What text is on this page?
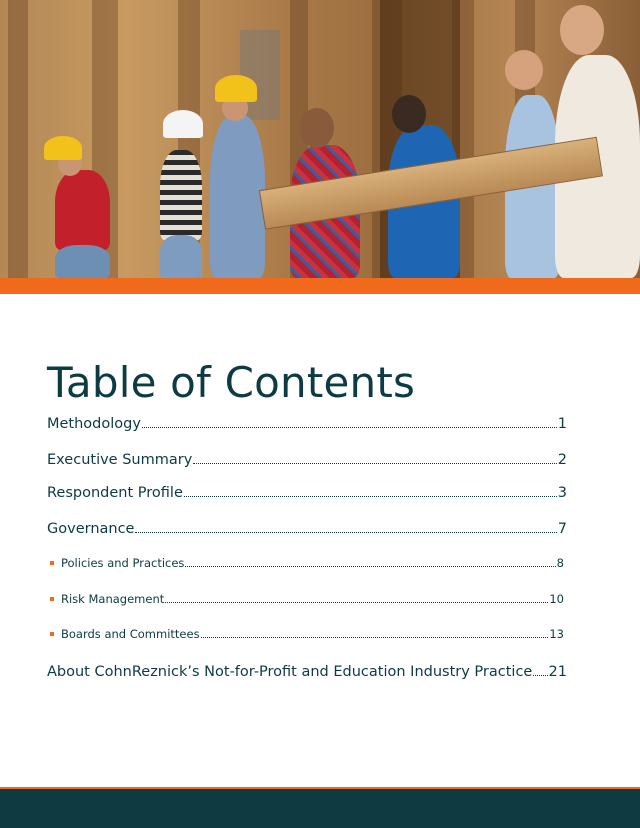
Table of Contents
Methodology	1
Executive Summary	2
Respondent Profile	3
Governance	7
Policies and Practices	8
Risk Management	10
Boards and Committees	13
About CohnReznick’s Not-for-Profit and Education Industry Practice 21
